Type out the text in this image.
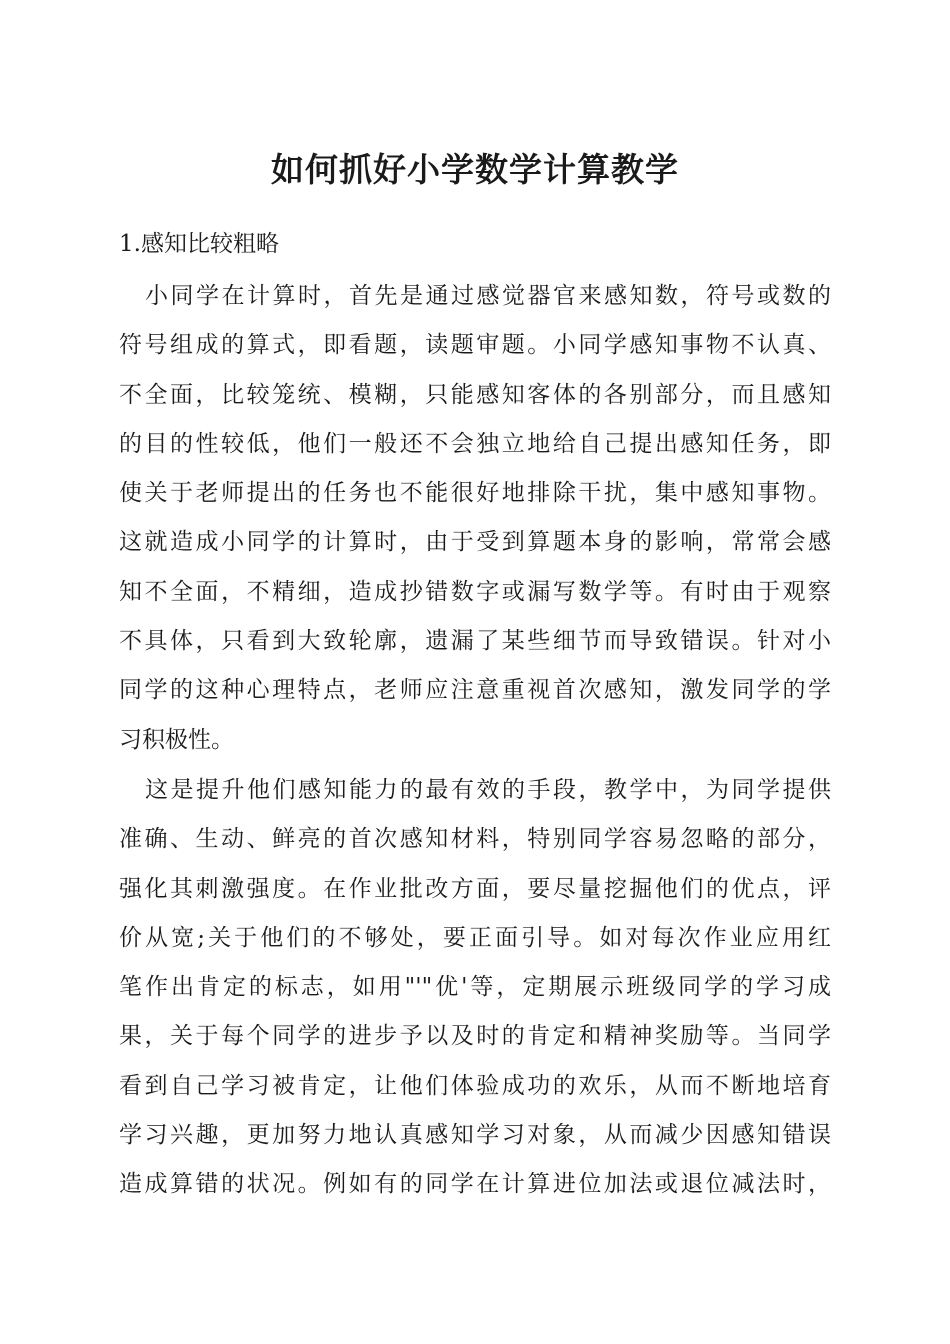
如何抓好小学数学计算教学
1.感知比较粗略

小同学在计算时，首先是通过感觉器官来感知数，符号或数的
符号组成的算式，即看题，读题审题。小同学感知事物不认真、
不全面，比较笼统、模糊，只能感知客体的各别部分，而且感知
的目的性较低，他们一般还不会独立地给自己提出感知任务，即
使关于老师提出的任务也不能很好地排除干扰，集中感知事物。
这就造成小同学的计算时，由于受到算题本身的影响，常常会感
知不全面，不精细，造成抄错数字或漏写数学等。有时由于观察
不具体，只看到大致轮廓，遗漏了某些细节而导致错误。针对小
同学的这种心理特点，老师应注意重视首次感知，激发同学的学
习积极性。

这是提升他们感知能力的最有效的手段，教学中，为同学提供
准确、生动、鲜亮的首次感知材料，特别同学容易忽略的部分，
强化其刺激强度。在作业批改方面，要尽量挖掘他们的优点，评
价从宽;关于他们的不够处，要正面引导。如对每次作业应用红
笔作出肯定的标志，如用"'"优'等，定期展示班级同学的学习成
果，关于每个同学的进步予以及时的肯定和精神奖励等。当同学
看到自己学习被肯定，让他们体验成功的欢乐，从而不断地培育
学习兴趣，更加努力地认真感知学习对象，从而减少因感知错误
造成算错的状况。例如有的同学在计算进位加法或退位减法时，
